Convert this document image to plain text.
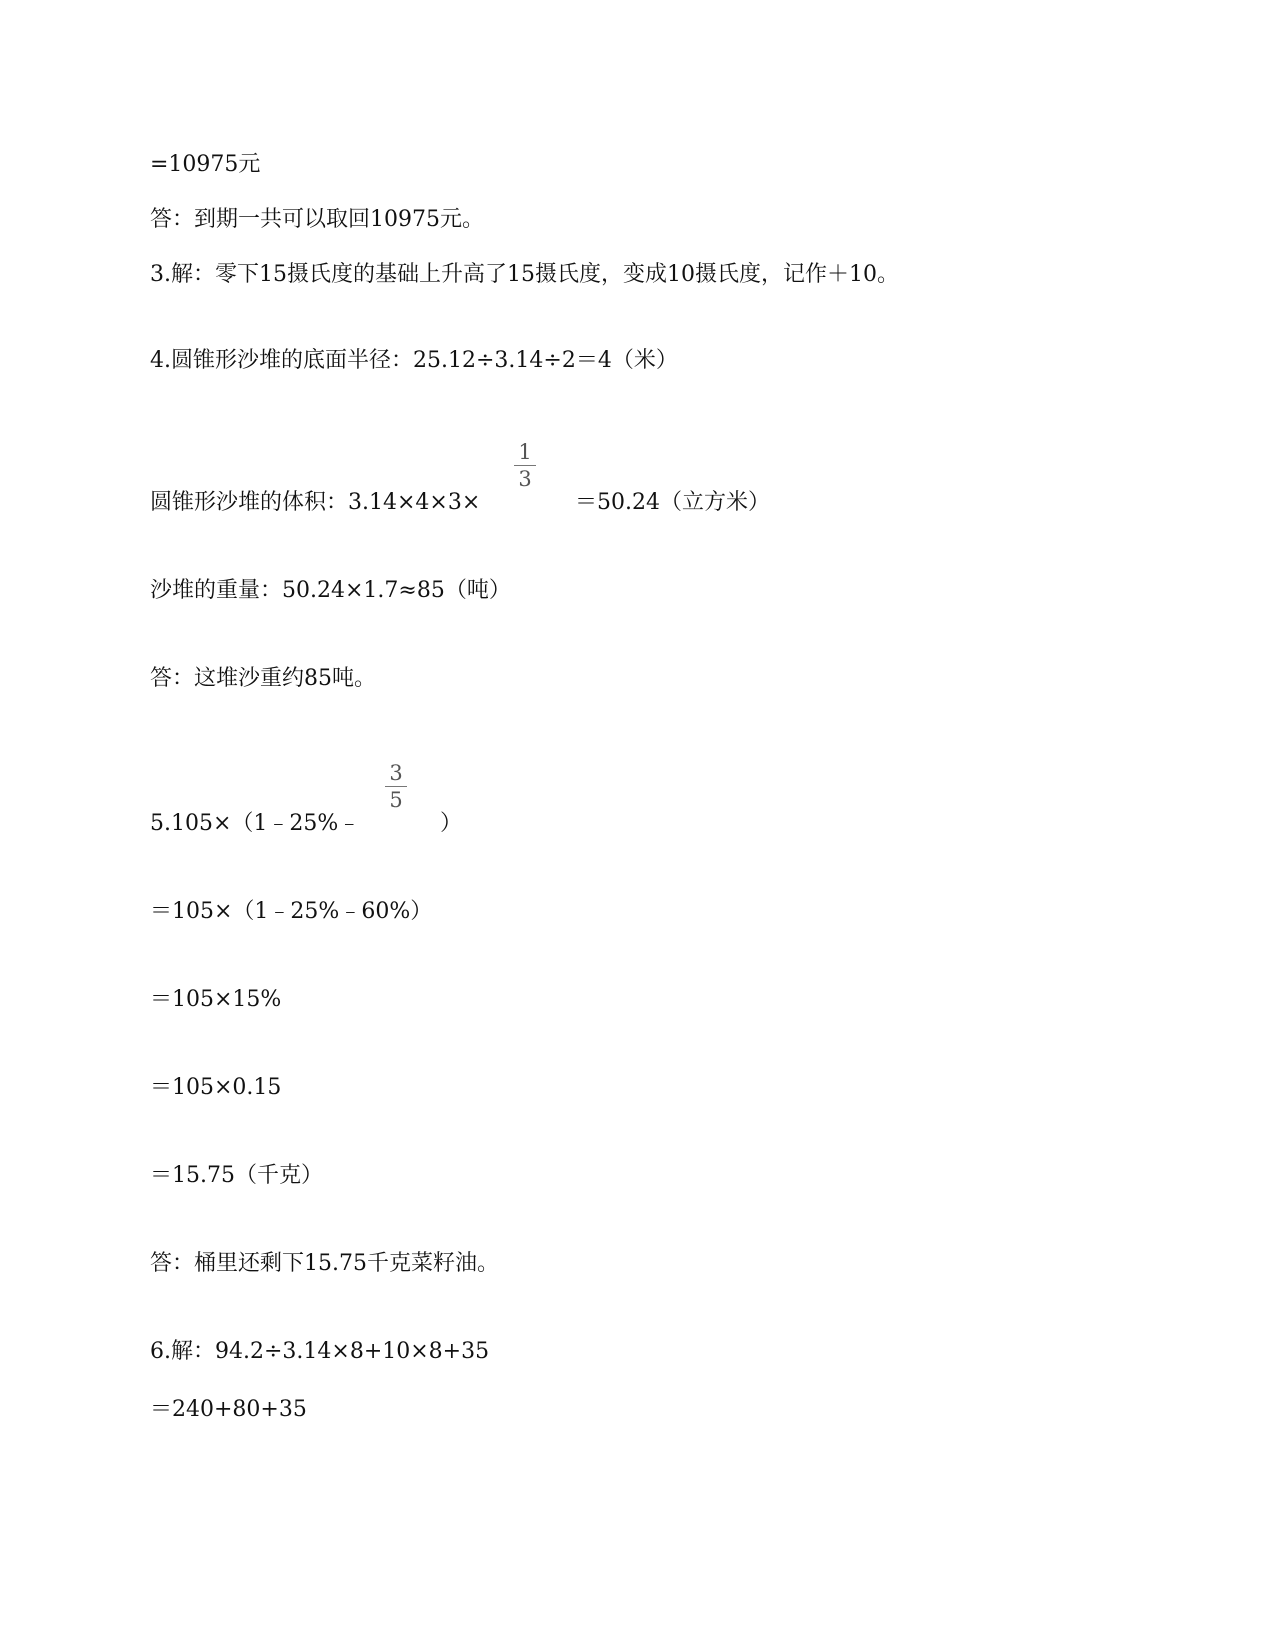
=10975元
答：到期一共可以取回10975元。
3.解：零下15摄氏度的基础上升高了15摄氏度，变成10摄氏度，记作＋10。
4.圆锥形沙堆的底面半径：25.12÷3.14÷2＝4（米）
圆锥形沙堆的体积：3.14×4×3×
1
3
＝50.24（立方米）
沙堆的重量：50.24×1.7≈85（吨）
答：这堆沙重约85吨。
5.105×（1﹣25%﹣
3
5
）
＝105×（1﹣25%﹣60%）
＝105×15%
＝105×0.15
＝15.75（千克）
答：桶里还剩下15.75千克菜籽油。
6.解：94.2÷3.14×8+10×8+35
＝240+80+35
